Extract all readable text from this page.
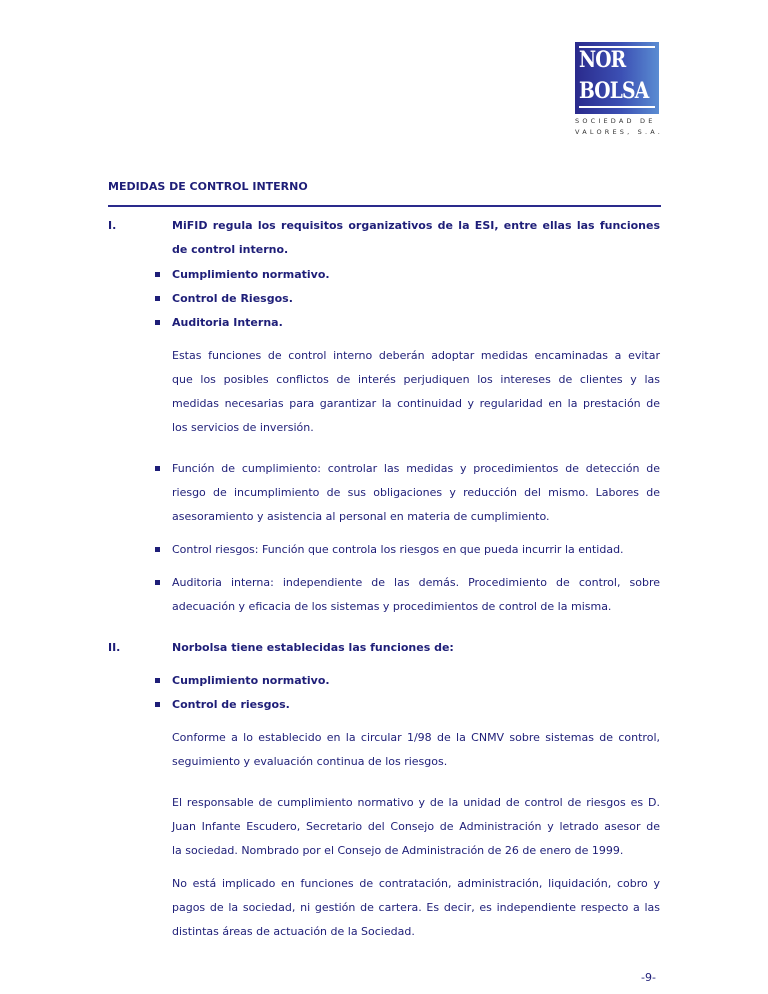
NOR
BOLSA
SOCIEDAD DE
VALORES, S.A.
MEDIDAS DE CONTROL INTERNO
I.	MiFID regula los requisitos organizativos de la ESI, entre ellas las funciones
de control interno.
Cumplimiento normativo.
Control de Riesgos.
Auditoria Interna.
Estas funciones de control interno deberán adoptar medidas encaminadas a evitar
que los posibles conflictos de interés perjudiquen los intereses de clientes y las
medidas necesarias para garantizar la continuidad y regularidad en la prestación de
los servicios de inversión.
Función de cumplimiento: controlar las medidas y procedimientos de detección de
riesgo de incumplimiento de sus obligaciones y reducción del mismo. Labores de
asesoramiento y asistencia al personal en materia de cumplimiento.
Control riesgos: Función que controla los riesgos en que pueda incurrir la entidad.
Auditoria interna: independiente de las demás. Procedimiento de control, sobre
adecuación y eficacia de los sistemas y procedimientos de control de la misma.
II.	Norbolsa tiene establecidas las funciones de:
Cumplimiento normativo.
Control de riesgos.
Conforme a lo establecido en la circular 1/98 de la CNMV sobre sistemas de control,
seguimiento y evaluación continua de los riesgos.
El responsable de cumplimiento normativo y de la unidad de control de riesgos es D.
Juan Infante Escudero, Secretario del Consejo de Administración y letrado asesor de
la sociedad. Nombrado por el Consejo de Administración de 26 de enero de 1999.
No está implicado en funciones de contratación, administración, liquidación, cobro y
pagos de la sociedad, ni gestión de cartera. Es decir, es independiente respecto a las
distintas áreas de actuación de la Sociedad.
-9-
